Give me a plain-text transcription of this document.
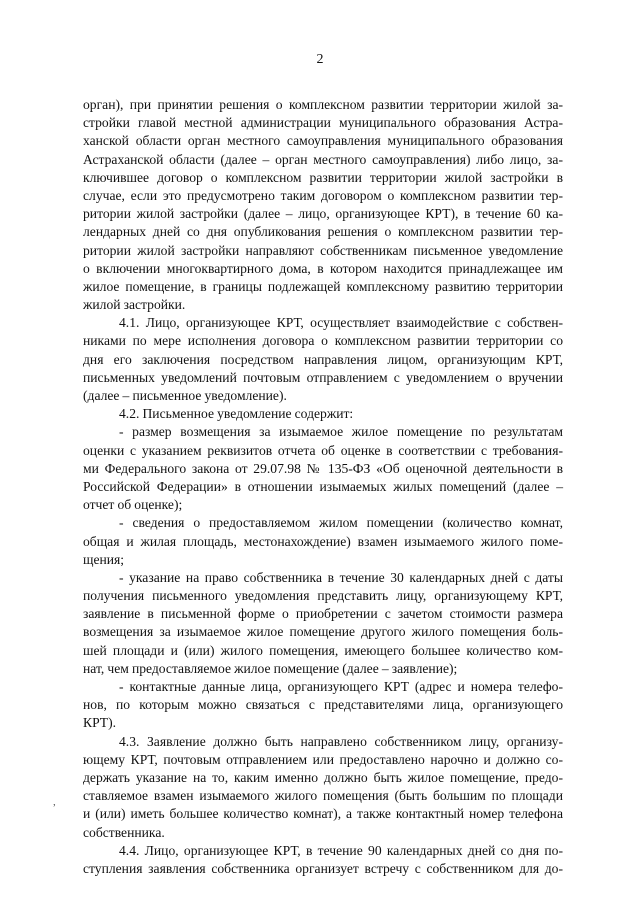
2
орган), при принятии решения о комплексном развитии территории жилой за-
стройки главой местной администрации муниципального образования Астра-
ханской области орган местного самоуправления муниципального образования
Астраханской области (далее – орган местного самоуправления) либо лицо, за-
ключившее договор о комплексном развитии территории жилой застройки в
случае, если это предусмотрено таким договором о комплексном развитии тер-
ритории жилой застройки (далее – лицо, организующее КРТ), в течение 60 ка-
лендарных дней со дня опубликования решения о комплексном развитии тер-
ритории жилой застройки направляют собственникам письменное уведомление
о включении многоквартирного дома, в котором находится принадлежащее им
жилое помещение, в границы подлежащей комплексному развитию территории
жилой застройки.
4.1. Лицо, организующее КРТ, осуществляет взаимодействие с собствен-
никами по мере исполнения договора о комплексном развитии территории со
дня его заключения посредством направления лицом, организующим КРТ,
письменных уведомлений почтовым отправлением с уведомлением о вручении
(далее – письменное уведомление).
4.2. Письменное уведомление содержит:
- размер возмещения за изымаемое жилое помещение по результатам
оценки с указанием реквизитов отчета об оценке в соответствии с требования-
ми Федерального закона от 29.07.98 № 135-ФЗ «Об оценочной деятельности в
Российской Федерации» в отношении изымаемых жилых помещений (далее –
отчет об оценке);
- сведения о предоставляемом жилом помещении (количество комнат,
общая и жилая площадь, местонахождение) взамен изымаемого жилого поме-
щения;
- указание на право собственника в течение 30 календарных дней с даты
получения письменного уведомления представить лицу, организующему КРТ,
заявление в письменной форме о приобретении с зачетом стоимости размера
возмещения за изымаемое жилое помещение другого жилого помещения боль-
шей площади и (или) жилого помещения, имеющего большее количество ком-
нат, чем предоставляемое жилое помещение (далее – заявление);
- контактные данные лица, организующего КРТ (адрес и номера телефо-
нов, по которым можно связаться с представителями лица, организующего
КРТ).
4.3. Заявление должно быть направлено собственником лицу, организу-
ющему КРТ, почтовым отправлением или предоставлено нарочно и должно со-
держать указание на то, каким именно должно быть жилое помещение, предо-
ставляемое взамен изымаемого жилого помещения (быть большим по площади
и (или) иметь большее количество комнат), а также контактный номер телефона
собственника.
4.4. Лицо, организующее КРТ, в течение 90 календарных дней со дня по-
ступления заявления собственника организует встречу с собственником для до-
,
